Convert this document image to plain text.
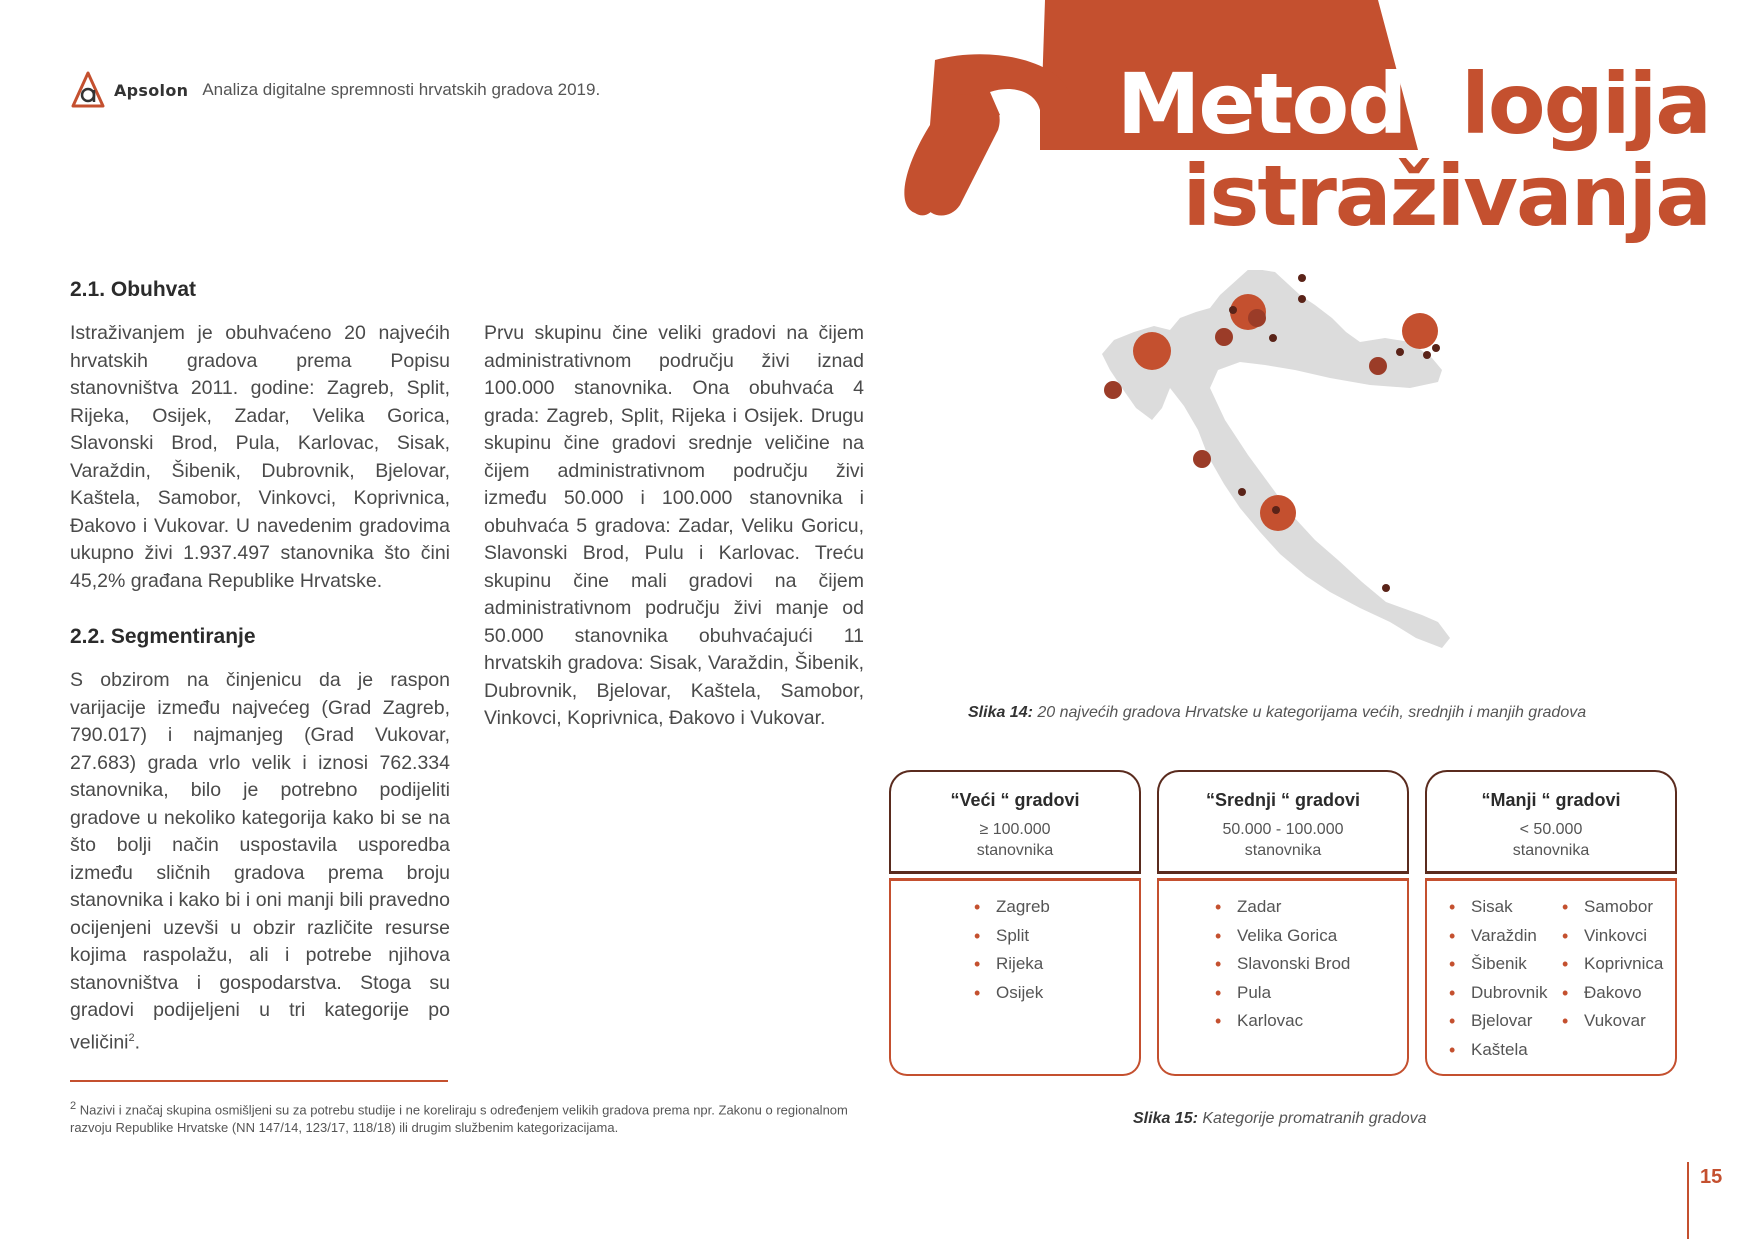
Apsolon Analiza digitalne spremnosti hrvatskih gradova 2019.	Metodologija
istraživanja
2.1. Obuhvat

Istraživanjem je obuhvaćeno 20 najvećih hrvatskih gradova prema Popisu stanovništva 2011. godine: Zagreb, Split, Rijeka, Osijek, Zadar, Velika Gorica, Slavonski Brod, Pula, Karlovac, Sisak, Varaždin, Šibenik, Dubrovnik, Bjelovar, Kaštela, Samobor, Vinkovci, Koprivnica, Đakovo i Vukovar. U navedenim gradovima ukupno živi 1.937.497 stanovnika što čini 45,2% građana Republike Hrvatske.

2.2. Segmentiranje

S obzirom na činjenicu da je raspon varijacije između najvećeg (Grad Zagreb, 790.017) i najmanjeg (Grad Vukovar, 27.683) grada vrlo velik i iznosi 762.334 stanovnika, bilo je potrebno podijeliti gradove u nekoliko kategorija kako bi se na što bolji način uspostavila usporedba između sličnih gradova prema broju stanovnika i kako bi i oni manji bili pravedno ocijenjeni uzevši u obzir različite resurse kojima raspolažu, ali i potrebe njihova stanovništva i gospodarstva. Stoga su gradovi podijeljeni u tri kategorije po veličini$^2$.

Prvu skupinu čine veliki gradovi na čijem administrativnom području živi iznad 100.000 stanovnika. Ona obuhvaća 4 grada: Zagreb, Split, Rijeka i Osijek. Drugu skupinu čine gradovi srednje veličine na čijem administrativnom području živi između 50.000 i 100.000 stanovnika i obuhvaća 5 gradova: Zadar, Veliku Goricu, Slavonski Brod, Pulu i Karlovac. Treću skupinu čine mali gradovi na čijem administrativnom području živi manje od 50.000 stanovnika obuhvaćajući 11 hrvatskih gradova: Sisak, Varaždin, Šibenik, Dubrovnik, Bjelovar, Kaštela, Samobor, Vinkovci, Koprivnica, Đakovo i Vukovar.

$^2$ Nazivi i značaj skupina osmišljeni su za potrebu studije i ne koreliraju s određenjem velikih gradova prema npr. Zakonu o regionalnom razvoju Republike Hrvatske (NN 147/14, 123/17, 118/18) ili drugim službenim kategorizacijama.
Slika 14: 20 najvećih gradova Hrvatske u kategorijama većih, srednjih i manjih gradova
“Veći “ gradovi
≥ 100.000
stanovnika
• Zagreb
• Split
• Rijeka
• Osijek
“Srednji “ gradovi
50.000 - 100.000
stanovnika
• Zadar
• Velika Gorica
• Slavonski Brod
• Pula
• Karlovac
“Manji “ gradovi
< 50.000
stanovnika
• Sisak
• Varaždin
• Šibenik
• Dubrovnik
• Bjelovar
• Kaštela
• Samobor
• Vinkovci
• Koprivnica
• Đakovo
• Vukovar
Slika 15: Kategorije promatranih gradova
15
